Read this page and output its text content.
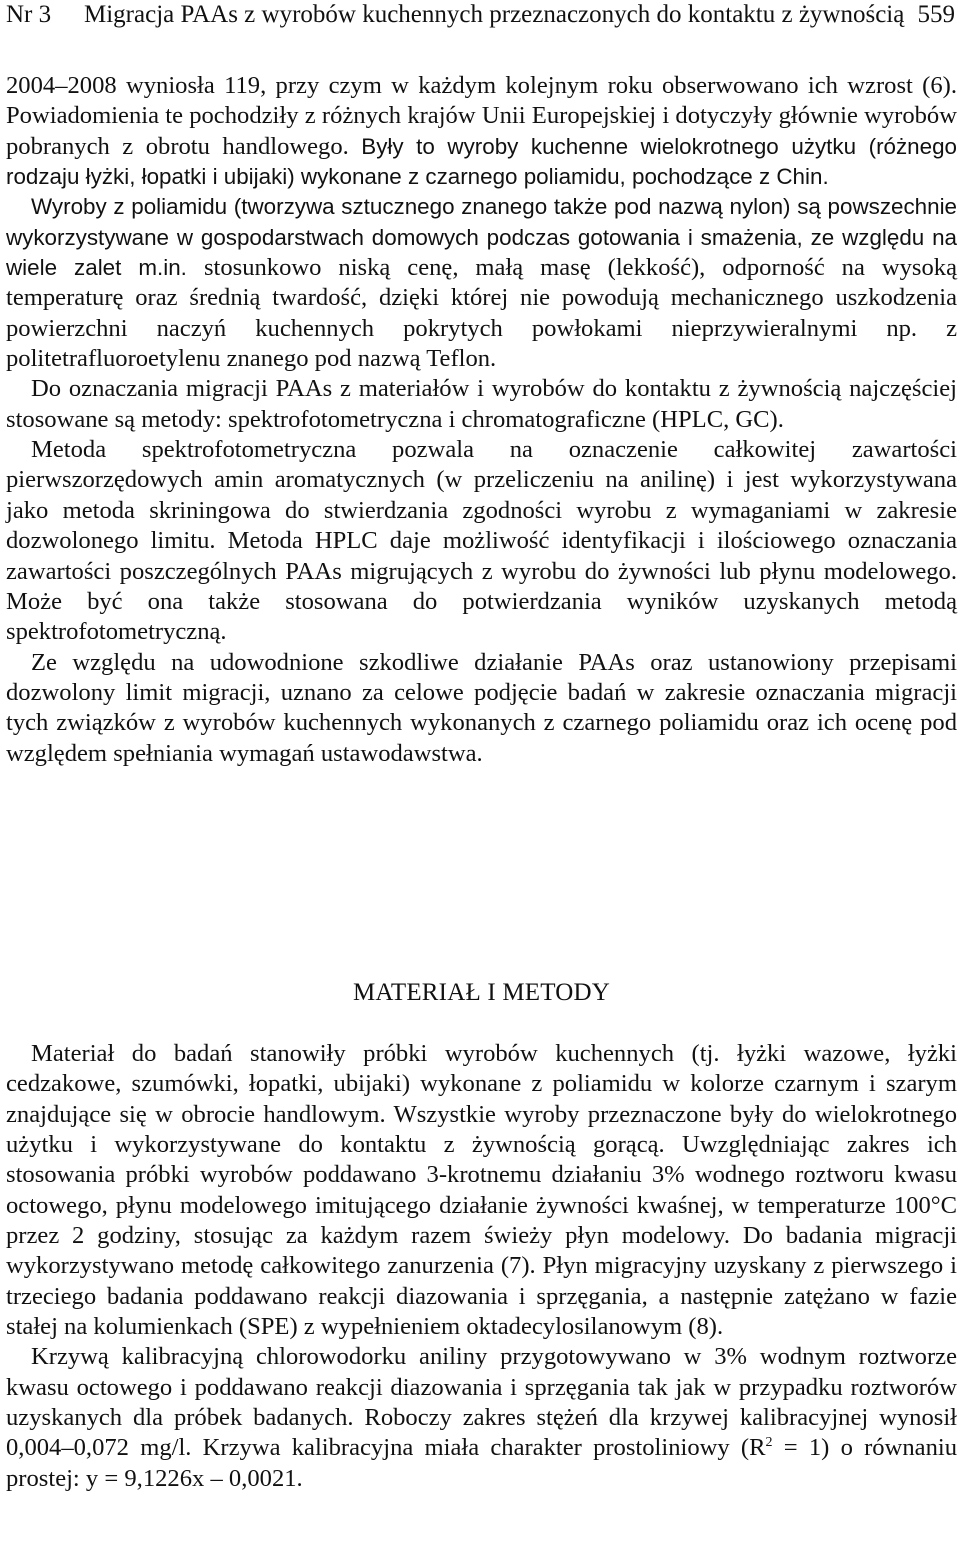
Nr 3 Migracja PAAs z wyrobów kuchennych przeznaczonych do kontaktu z żywnością 559

2004–2008 wyniosła 119, przy czym w każdym kolejnym roku obserwowano ich wzrost (6). Powiadomienia te pochodziły z różnych krajów Unii Europejskiej i dotyczyły głównie wyrobów pobranych z obrotu handlowego. Były to wyroby kuchenne wielokrotnego użytku (różnego rodzaju łyżki, łopatki i ubijaki) wykonane z czarnego poliamidu, pochodzące z Chin.

Wyroby z poliamidu (tworzywa sztucznego znanego także pod nazwą nylon) są powszechnie wykorzystywane w gospodarstwach domowych podczas gotowania i smażenia, ze względu na wiele zalet m.in. stosunkowo niską cenę, małą masę (lekkość), odporność na wysoką temperaturę oraz średnią twardość, dzięki której nie powodują mechanicznego uszkodzenia powierzchni naczyń kuchennych pokrytych powłokami nieprzywieralnymi np. z politetrafluoroetylenu znanego pod nazwą Teflon.

Do oznaczania migracji PAAs z materiałów i wyrobów do kontaktu z żywnością najczęściej stosowane są metody: spektrofotometryczna i chromatograficzne (HPLC, GC).

Metoda spektrofotometryczna pozwala na oznaczenie całkowitej zawartości pierwszorzędowych amin aromatycznych (w przeliczeniu na anilinę) i jest wykorzystywana jako metoda skriningowa do stwierdzania zgodności wyrobu z wymaganiami w zakresie dozwolonego limitu. Metoda HPLC daje możliwość identyfikacji i ilościowego oznaczania zawartości poszczególnych PAAs migrujących z wyrobu do żywności lub płynu modelowego. Może być ona także stosowana do potwierdzania wyników uzyskanych metodą spektrofotometryczną.

Ze względu na udowodnione szkodliwe działanie PAAs oraz ustanowiony przepisami dozwolony limit migracji, uznano za celowe podjęcie badań w zakresie oznaczania migracji tych związków z wyrobów kuchennych wykonanych z czarnego poliamidu oraz ich ocenę pod względem spełniania wymagań ustawodawstwa.

MATERIAŁ I METODY

Materiał do badań stanowiły próbki wyrobów kuchennych (tj. łyżki wazowe, łyżki cedzakowe, szumówki, łopatki, ubijaki) wykonane z poliamidu w kolorze czarnym i szarym znajdujące się w obrocie handlowym. Wszystkie wyroby przeznaczone były do wielokrotnego użytku i wykorzystywane do kontaktu z żywnością gorącą. Uwzględniając zakres ich stosowania próbki wyrobów poddawano 3-krotnemu działaniu 3% wodnego roztworu kwasu octowego, płynu modelowego imitującego działanie żywności kwaśnej, w temperaturze 100°C przez 2 godziny, stosując za każdym razem świeży płyn modelowy. Do badania migracji wykorzystywano metodę całkowitego zanurzenia (7). Płyn migracyjny uzyskany z pierwszego i trzeciego badania poddawano reakcji diazowania i sprzęgania, a następnie zatężano w fazie stałej na kolumienkach (SPE) z wypełnieniem oktadecylosilanowym (8).

Krzywą kalibracyjną chlorowodorku aniliny przygotowywano w 3% wodnym roztworze kwasu octowego i poddawano reakcji diazowania i sprzęgania tak jak w przypadku roztworów uzyskanych dla próbek badanych. Roboczy zakres stężeń dla krzywej kalibracyjnej wynosił 0,004–0,072 mg/l. Krzywa kalibracyjna miała charakter prostoliniowy $(R^2 = 1)$ o równaniu prostej: y = 9,1226x – 0,0021.
